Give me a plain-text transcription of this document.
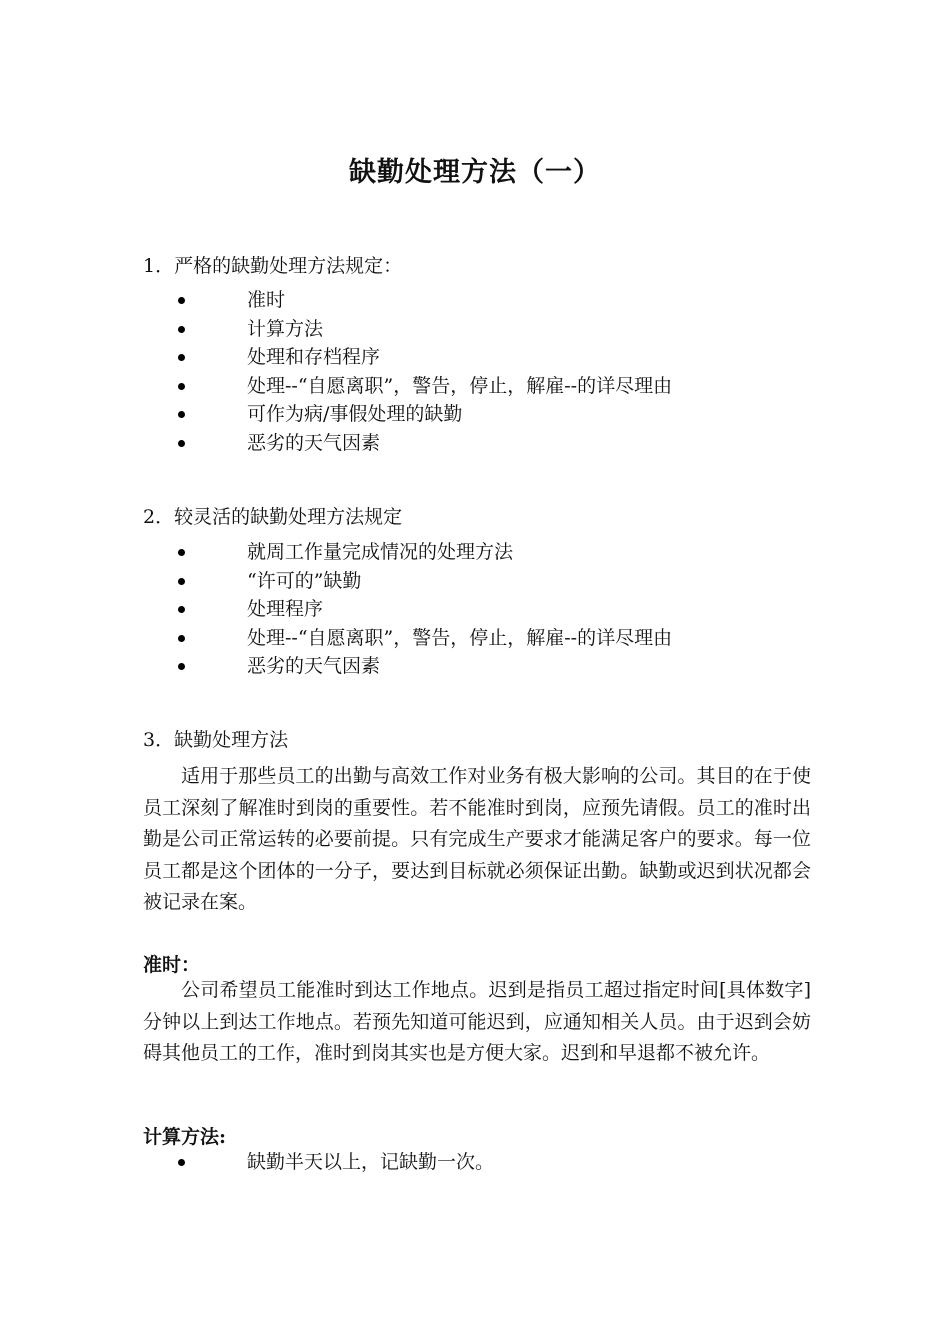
缺勤处理方法（一）

1．严格的缺勤处理方法规定：

准时
计算方法
处理和存档程序
处理--“自愿离职”，警告，停止，解雇--的详尽理由
可作为病/事假处理的缺勤
恶劣的天气因素

2．较灵活的缺勤处理方法规定

就周工作量完成情况的处理方法
“许可的”缺勤
处理程序
处理--“自愿离职”，警告，停止，解雇--的详尽理由
恶劣的天气因素

3．缺勤处理方法

适用于那些员工的出勤与高效工作对业务有极大影响的公司。其目的在于使员工深刻了解准时到岗的重要性。若不能准时到岗，应预先请假。员工的准时出勤是公司正常运转的必要前提。只有完成生产要求才能满足客户的要求。每一位员工都是这个团体的一分子，要达到目标就必须保证出勤。缺勤或迟到状况都会被记录在案。

准时：

公司希望员工能准时到达工作地点。迟到是指员工超过指定时间[具体数字]分钟以上到达工作地点。若预先知道可能迟到，应通知相关人员。由于迟到会妨碍其他员工的工作，准时到岗其实也是方便大家。迟到和早退都不被允许。

计算方法:

缺勤半天以上，记缺勤一次。
